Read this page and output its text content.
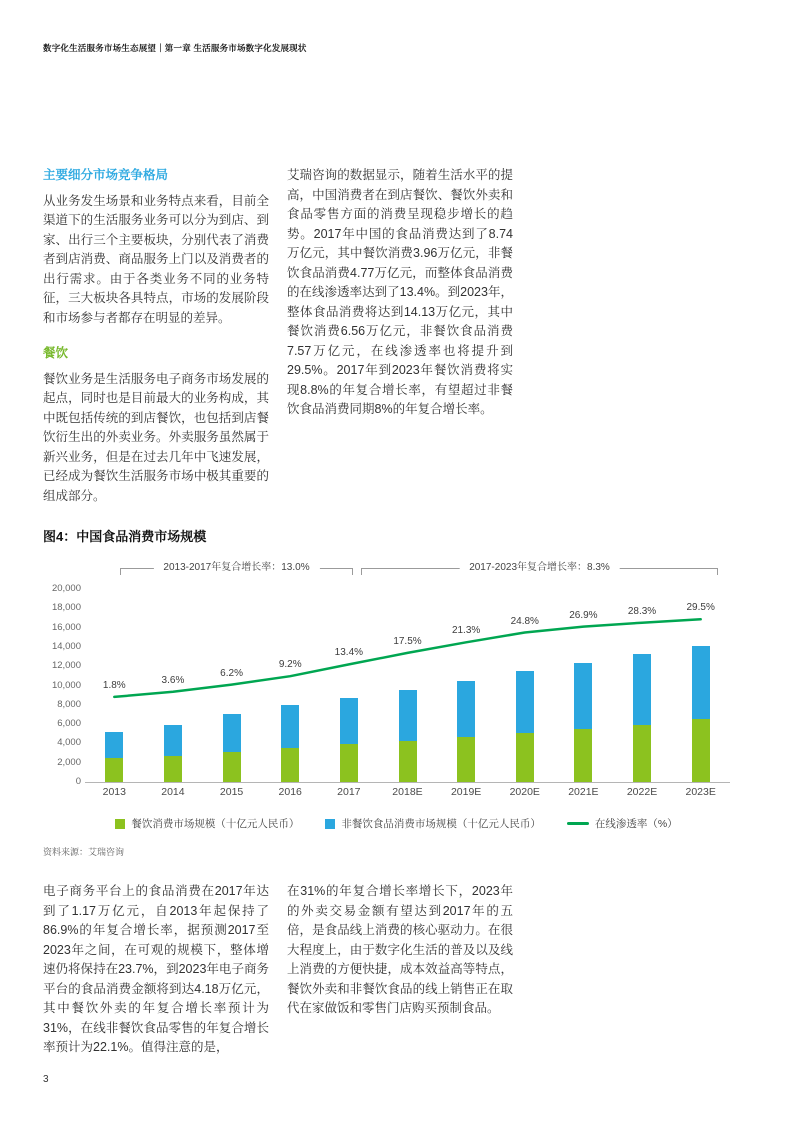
数字化生活服务市场生态展望｜第一章 生活服务市场数字化发展现状
主要细分市场竞争格局

从业务发生场景和业务特点来看，目前全渠道下的生活服务业务可以分为到店、到家、出行三个主要板块，分别代表了消费者到店消费、商品服务上门以及消费者的出行需求。由于各类业务不同的业务特征，三大板块各具特点，市场的发展阶段和市场参与者都存在明显的差异。

餐饮

餐饮业务是生活服务电子商务市场发展的起点，同时也是目前最大的业务构成，其中既包括传统的到店餐饮，也包括到店餐饮衍生出的外卖业务。外卖服务虽然属于新兴业务，但是在过去几年中飞速发展，已经成为餐饮生活服务市场中极其重要的组成部分。

艾瑞咨询的数据显示，随着生活水平的提高，中国消费者在到店餐饮、餐饮外卖和食品零售方面的消费呈现稳步增长的趋势。2017年中国的食品消费达到了8.74万亿元，其中餐饮消费3.96万亿元，非餐饮食品消费4.77万亿元，而整体食品消费的在线渗透率达到了13.4%。到2023年，整体食品消费将达到14.13万亿元，其中餐饮消费6.56万亿元，非餐饮食品消费7.57万亿元，在线渗透率也将提升到29.5%。2017年到2023年餐饮消费将实现8.8%的年复合增长率，有望超过非餐饮食品消费同期8%的年复合增长率。

图4：中国食品消费市场规模
2013-2017年复合增长率：13.0%	2017-2023年复合增长率：8.3%
20,000
18,000
16,000
14,000
12,000
10,000
8,000
6,000
4,000
2,000
0
1.8%	3.6%
6.2%
9.2%
13.4%
17.5%
21.3%
24.8%
26.9%	28.3%	29.5%
2013	2014	2015	2016	2017	2018E	2019E	2020E	2021E	2022E	2023E
餐饮消费市场规模（十亿元人民币）	非餐饮食品消费市场规模（十亿元人民币）	在线渗透率（%）
资料来源：艾瑞咨询

电子商务平台上的食品消费在2017年达到了1.17万亿元，自2013年起保持了86.9%的年复合增长率，据预测2017至2023年之间，在可观的规模下，整体增速仍将保持在23.7%，到2023年电子商务平台的食品消费金额将到达4.18万亿元，其中餐饮外卖的年复合增长率预计为31%，在线非餐饮食品零售的年复合增长率预计为22.1%。值得注意的是，

在31%的年复合增长率增长下，2023年的外卖交易金额有望达到2017年的五倍，是食品线上消费的核心驱动力。在很大程度上，由于数字化生活的普及以及线上消费的方便快捷，成本效益高等特点，餐饮外卖和非餐饮食品的线上销售正在取代在家做饭和零售门店购买预制食品。

3
